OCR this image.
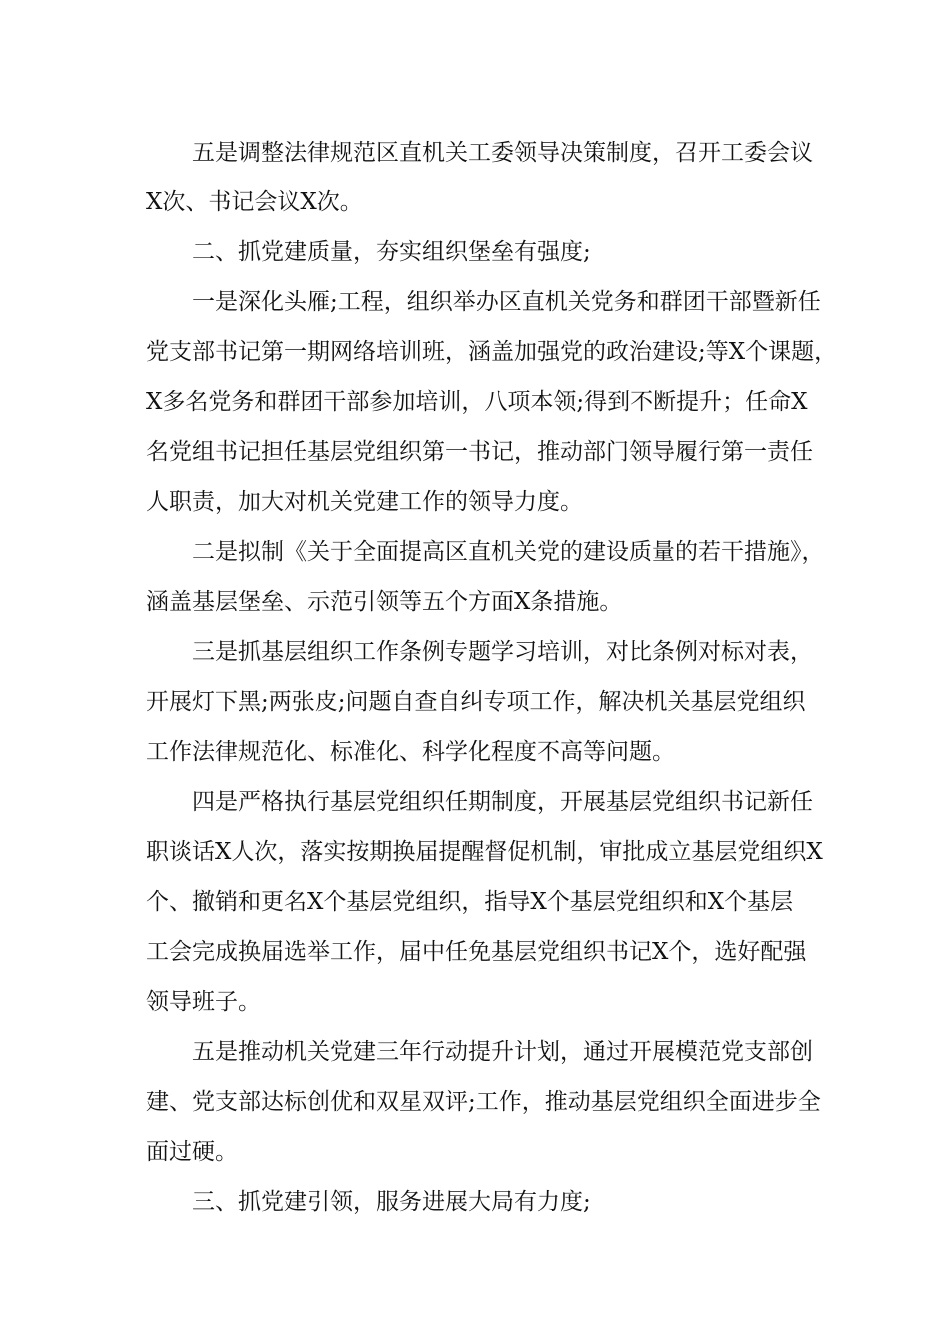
五是调整法律规范区直机关工委领导决策制度，召开工委会议

X次、书记会议X次。

二、抓党建质量，夯实组织堡垒有强度;

一是深化头雁;工程，组织举办区直机关党务和群团干部暨新任

党支部书记第一期网络培训班，涵盖加强党的政治建设;等X个课题，

X多名党务和群团干部参加培训，八项本领;得到不断提升；任命X

名党组书记担任基层党组织第一书记，推动部门领导履行第一责任

人职责，加大对机关党建工作的领导力度。

二是拟制《关于全面提高区直机关党的建设质量的若干措施》，

涵盖基层堡垒、示范引领等五个方面X条措施。

三是抓基层组织工作条例专题学习培训，对比条例对标对表，

开展灯下黑;两张皮;问题自查自纠专项工作，解决机关基层党组织

工作法律规范化、标准化、科学化程度不高等问题。

四是严格执行基层党组织任期制度，开展基层党组织书记新任

职谈话X人次，落实按期换届提醒督促机制，审批成立基层党组织X

个、撤销和更名X个基层党组织，指导X个基层党组织和X个基层

工会完成换届选举工作，届中任免基层党组织书记X个，选好配强

领导班子。

五是推动机关党建三年行动提升计划，通过开展模范党支部创

建、党支部达标创优和双星双评;工作，推动基层党组织全面进步全

面过硬。

三、抓党建引领，服务进展大局有力度;
